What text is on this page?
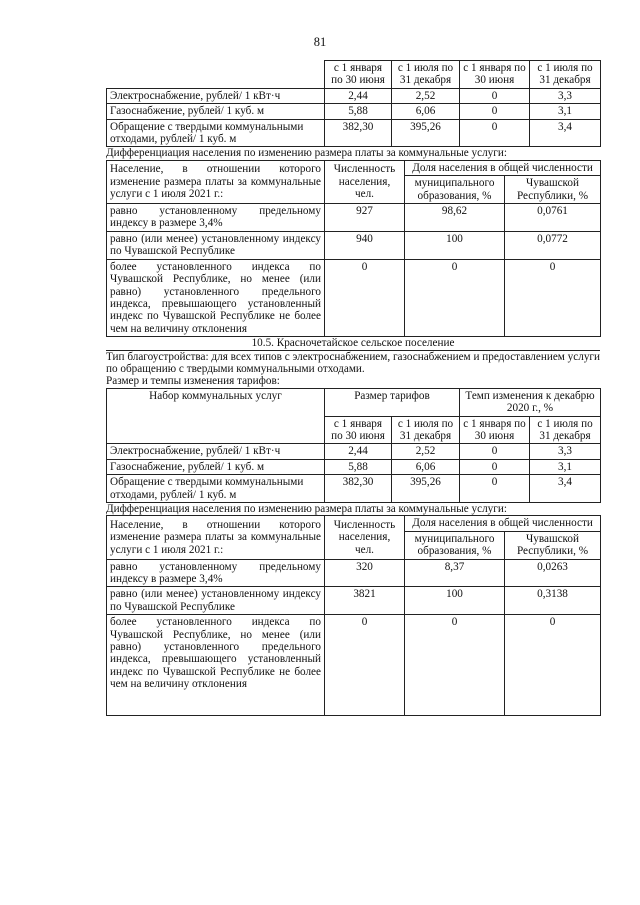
81
	с 1 января по 30 июня	с 1 июля по 31 декабря	с 1 января по 30 июня	с 1 июля по 31 декабря
Электроснабжение, рублей/ 1 кВт·ч	2,44	2,52	0	3,3
Газоснабжение, рублей/ 1 куб. м	5,88	6,06	0	3,1
Обращение с твердыми коммунальными отходами, рублей/ 1 куб. м	382,30	395,26	0	3,4
Дифференциация населения по изменению размера платы за коммунальные услуги:
Население, в отношении которого изменение размера платы за коммунальные услуги с 1 июля 2021 г.:	Численность населения, чел.	Доля населения в общей численности	
		муниципального образования, %	Чувашской Республики, %
равно установленному предельному индексу в размере 3,4%	927	98,62	0,0761
равно (или менее) установленному индексу по Чувашской Республике	940	100	0,0772
более установленного индекса по Чувашской Республике, но менее (или равно) установленного предельного индекса, превышающего установленный индекс по Чувашской Республике не более чем на величину отклонения	0	0	0
10.5. Красночетайское сельское поселение
Тип благоустройства: для всех типов с электроснабжением, газоснабжением и предоставлением услуги по обращению с твердыми коммунальными отходами.
Размер и темпы изменения тарифов:
Набор коммунальных услуг	Размер тарифов		Темп изменения к декабрю 2020 г., %	
	с 1 января по 30 июня	с 1 июля по 31 декабря	с 1 января по 30 июня	с 1 июля по 31 декабря
Электроснабжение, рублей/ 1 кВт·ч	2,44	2,52	0	3,3
Газоснабжение, рублей/ 1 куб. м	5,88	6,06	0	3,1
Обращение с твердыми коммунальными отходами, рублей/ 1 куб. м	382,30	395,26	0	3,4
Дифференциация населения по изменению размера платы за коммунальные услуги:
Население, в отношении которого изменение размера платы за коммунальные услуги с 1 июля 2021 г.:	Численность населения, чел.	Доля населения в общей численности	
		муниципального образования, %	Чувашской Республики, %
равно установленному предельному индексу в размере 3,4%	320	8,37	0,0263
равно (или менее) установленному индексу по Чувашской Республике	3821	100	0,3138
более установленного индекса по Чувашской Республике, но менее (или равно) установленного предельного индекса, превышающего установленный индекс по Чувашской Республике не более чем на величину отклонения	0	0	0
